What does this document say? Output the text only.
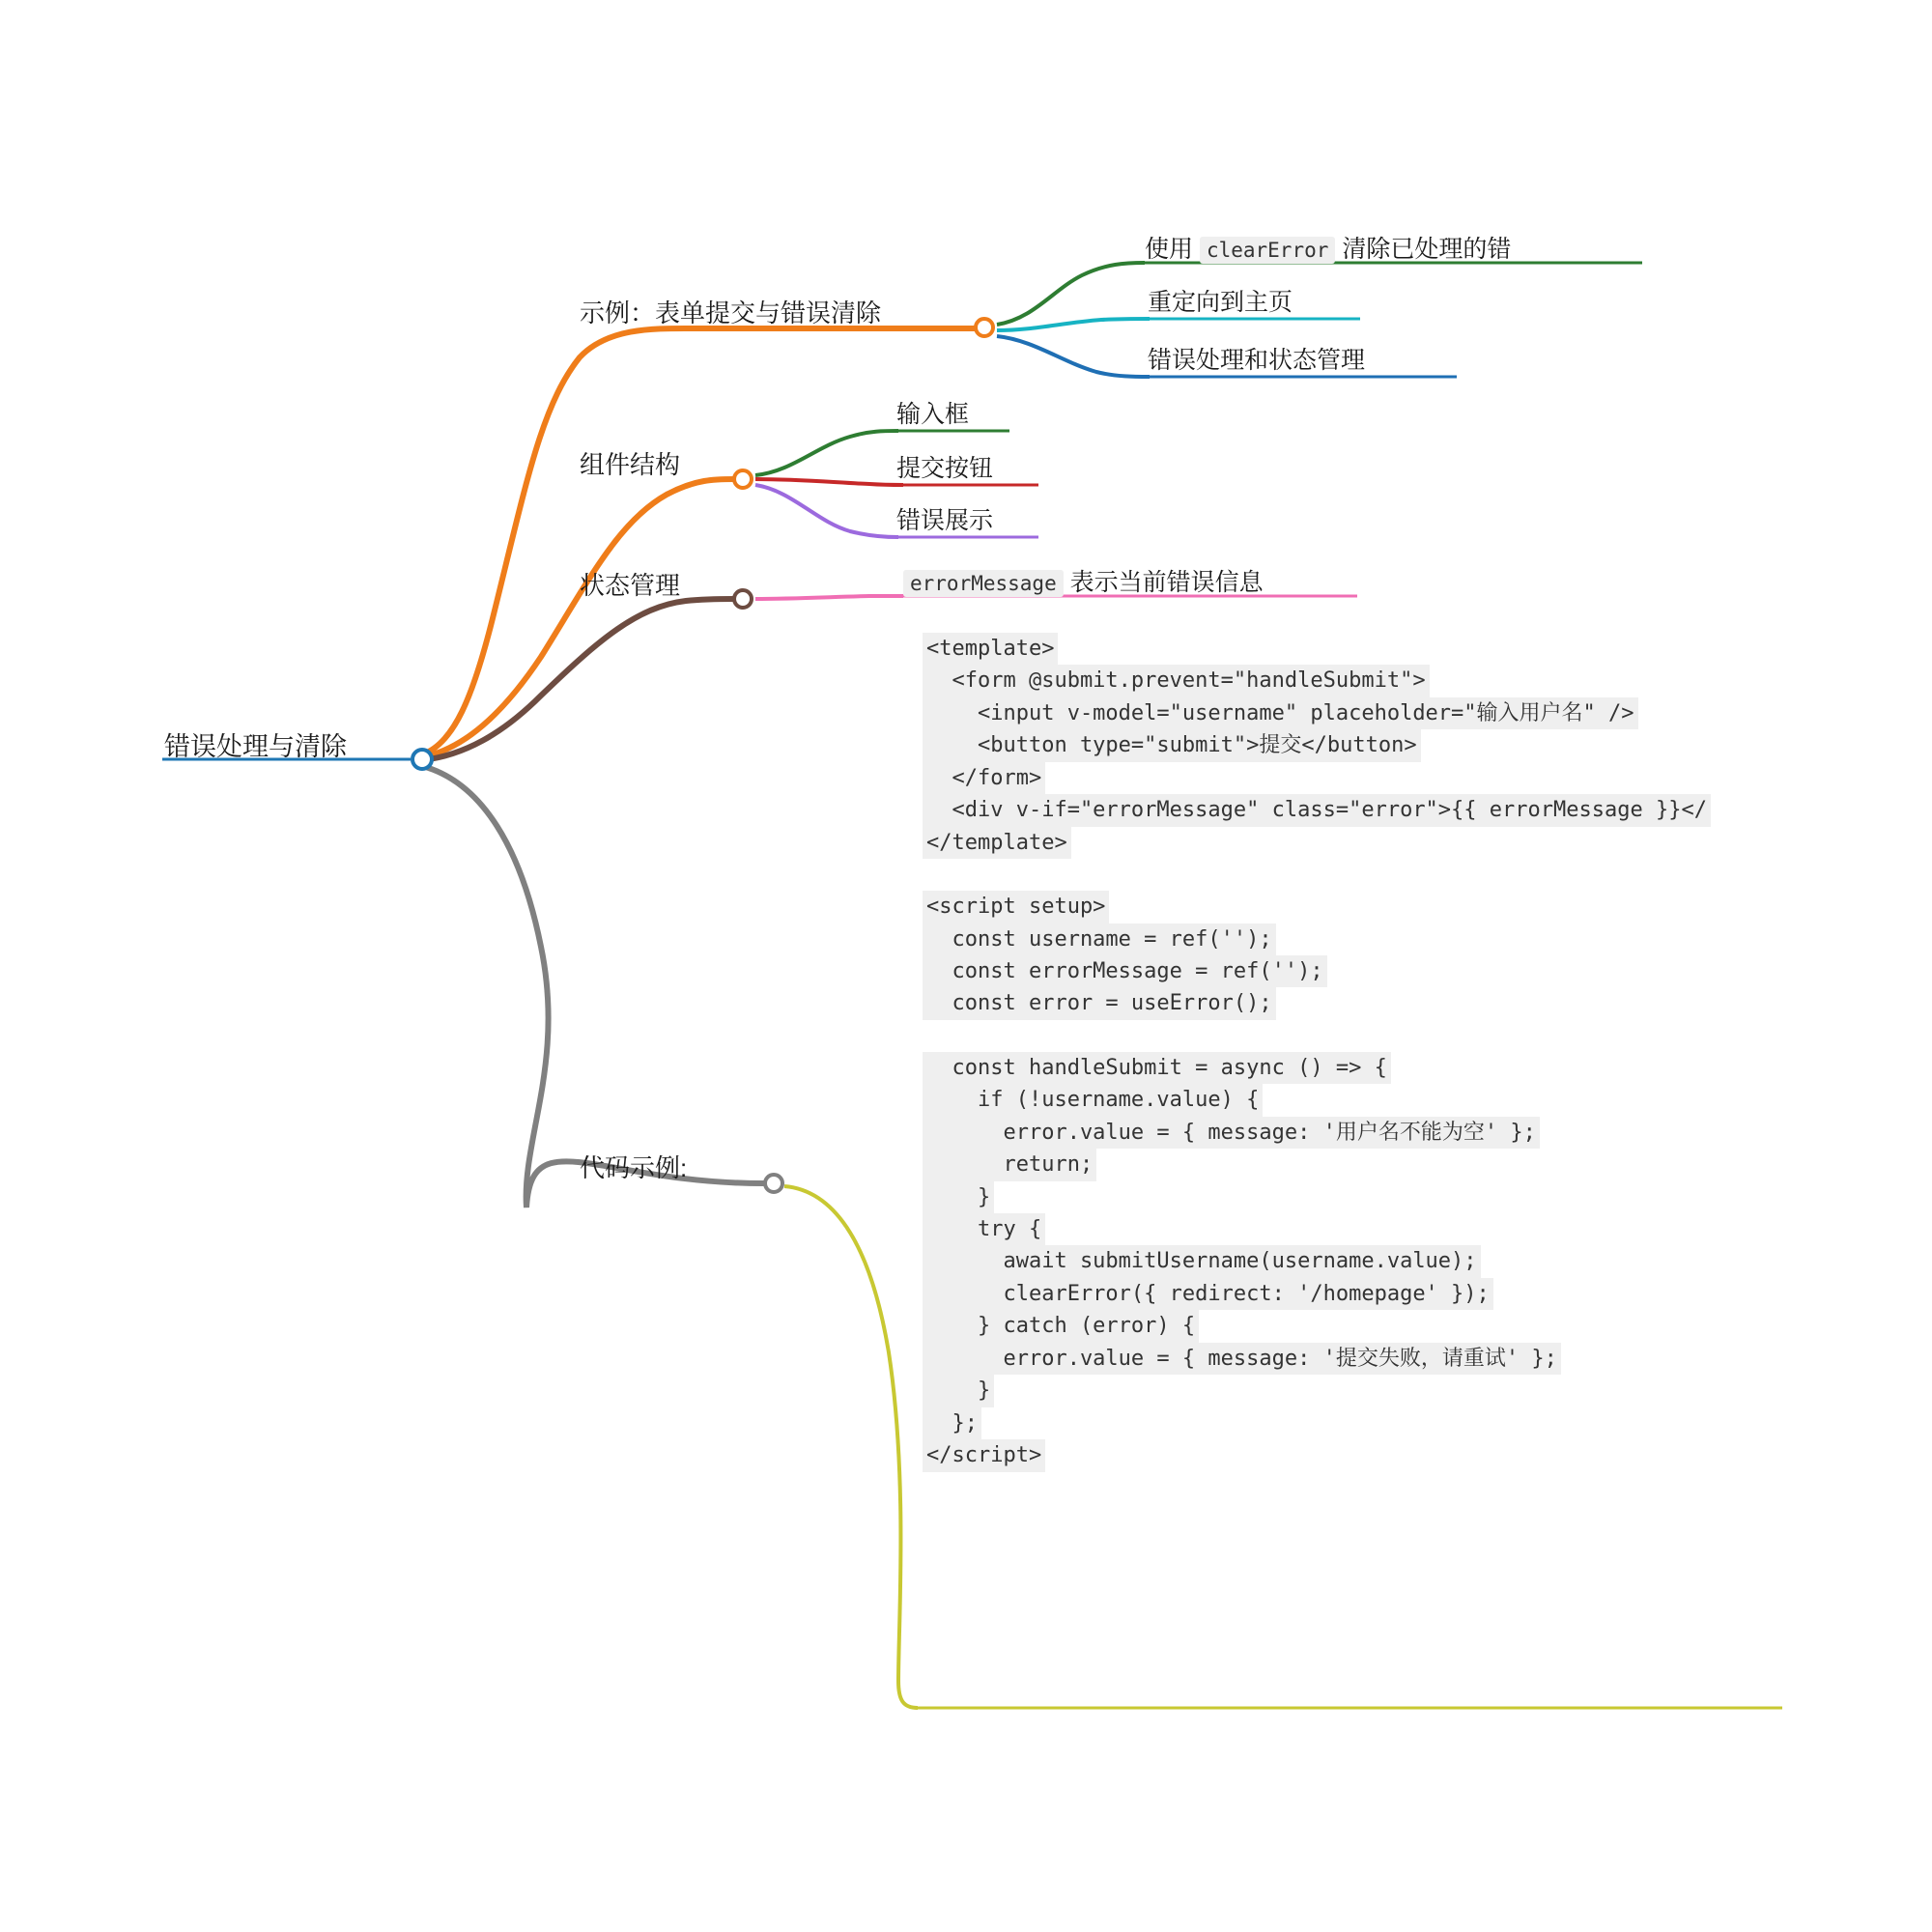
错误处理与清除
示例：表单提交与错误清除
使用 clearError 清除已处理的错
重定向到主页
错误处理和状态管理
组件结构
输入框
提交按钮
错误展示
状态管理	errorMessage 表示当前错误信息
代码示例:
<template>
<form @submit.prevent="handleSubmit">
<input v-model="username" placeholder="输入用户名" />
<button type="submit">提交</button>
</form>
<div v-if="errorMessage" class="error">{{ errorMessage }}</
</template>

<script setup>
const username = ref('');
const errorMessage = ref('');
const error = useError();

const handleSubmit = async () => {
if (!username.value) {
error.value = { message: '用户名不能为空' };
return;
}
try {
await submitUsername(username.value);
clearError({ redirect: '/homepage' });
} catch (error) {
error.value = { message: '提交失败，请重试' };
}
};
</script>
